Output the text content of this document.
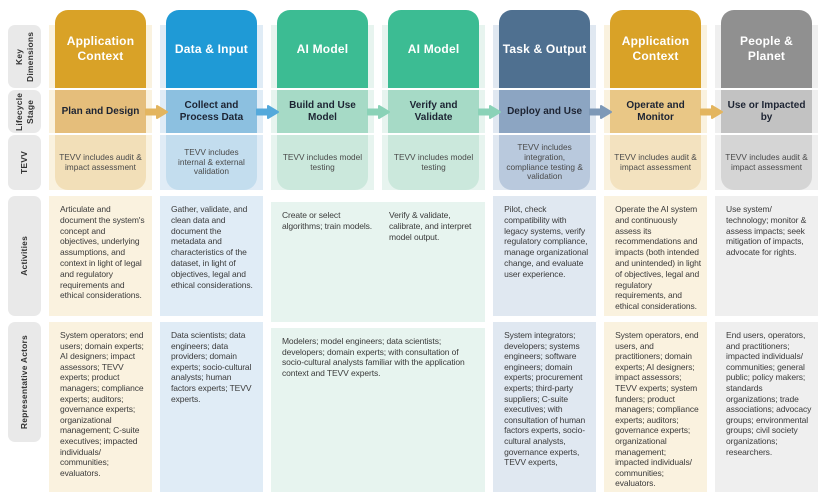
Key Dimensions
Lifecycle Stage
TEVV
Activities
Representative Actors
Application Context
Plan and Design
TEVV includes audit & impact assessment
Articulate and document the system's concept and objectives, underlying assumptions, and context in light of legal and regulatory requirements and ethical considerations.
System operators; end users; domain experts; AI designers; impact assessors; TEVV experts; product managers; compliance experts; auditors; governance experts; organizational management; C-suite executives; impacted individuals/ communities; evaluators.
Data & Input
Collect and Process Data
TEVV includes internal & external validation
Gather, validate, and clean data and document the metadata and characteristics of the dataset, in light of objectives, legal and ethical considerations.
Data scientists; data engineers; data providers; domain experts; socio-cultural analysts; human factors experts; TEVV experts.
AI Model
Build and Use Model
TEVV includes model testing
AI Model
Verify and Validate
TEVV includes model testing
Create or select algorithms; train models.
Verify & validate, calibrate, and interpret model output.
Modelers; model engineers; data scientists; developers; domain experts; with consultation of socio-cultural analysts familiar with the application context and TEVV experts.
Task & Output
Deploy and Use
TEVV includes integration, compliance testing & validation
Pilot, check compatibility with legacy systems, verify regulatory compliance, manage organizational change, and evaluate user experience.
System integrators; developers; systems engineers; software engineers; domain experts; procurement experts; third-party suppliers; C-suite executives; with consultation of human factors experts, socio-cultural analysts, governance experts, TEVV experts,
Application Context
Operate and Monitor
TEVV includes audit & impact assessment
Operate the AI system and continuously assess its recommendations and impacts (both intended and unintended) in light of objectives, legal and regulatory requirements, and ethical considerations.
System operators, end users, and practitioners; domain experts; AI designers; impact assessors; TEVV experts; system funders; product managers; compliance experts; auditors; governance experts; organizational management; impacted individuals/ communities; evaluators.
People & Planet
Use or Impacted by
TEVV includes audit & impact assessment
Use system/ technology; monitor & assess impacts; seek mitigation of impacts, advocate for rights.
End users, operators, and practitioners; impacted individuals/ communities; general public; policy makers; standards organizations; trade associations; advocacy groups; environmental groups; civil society organizations; researchers.
